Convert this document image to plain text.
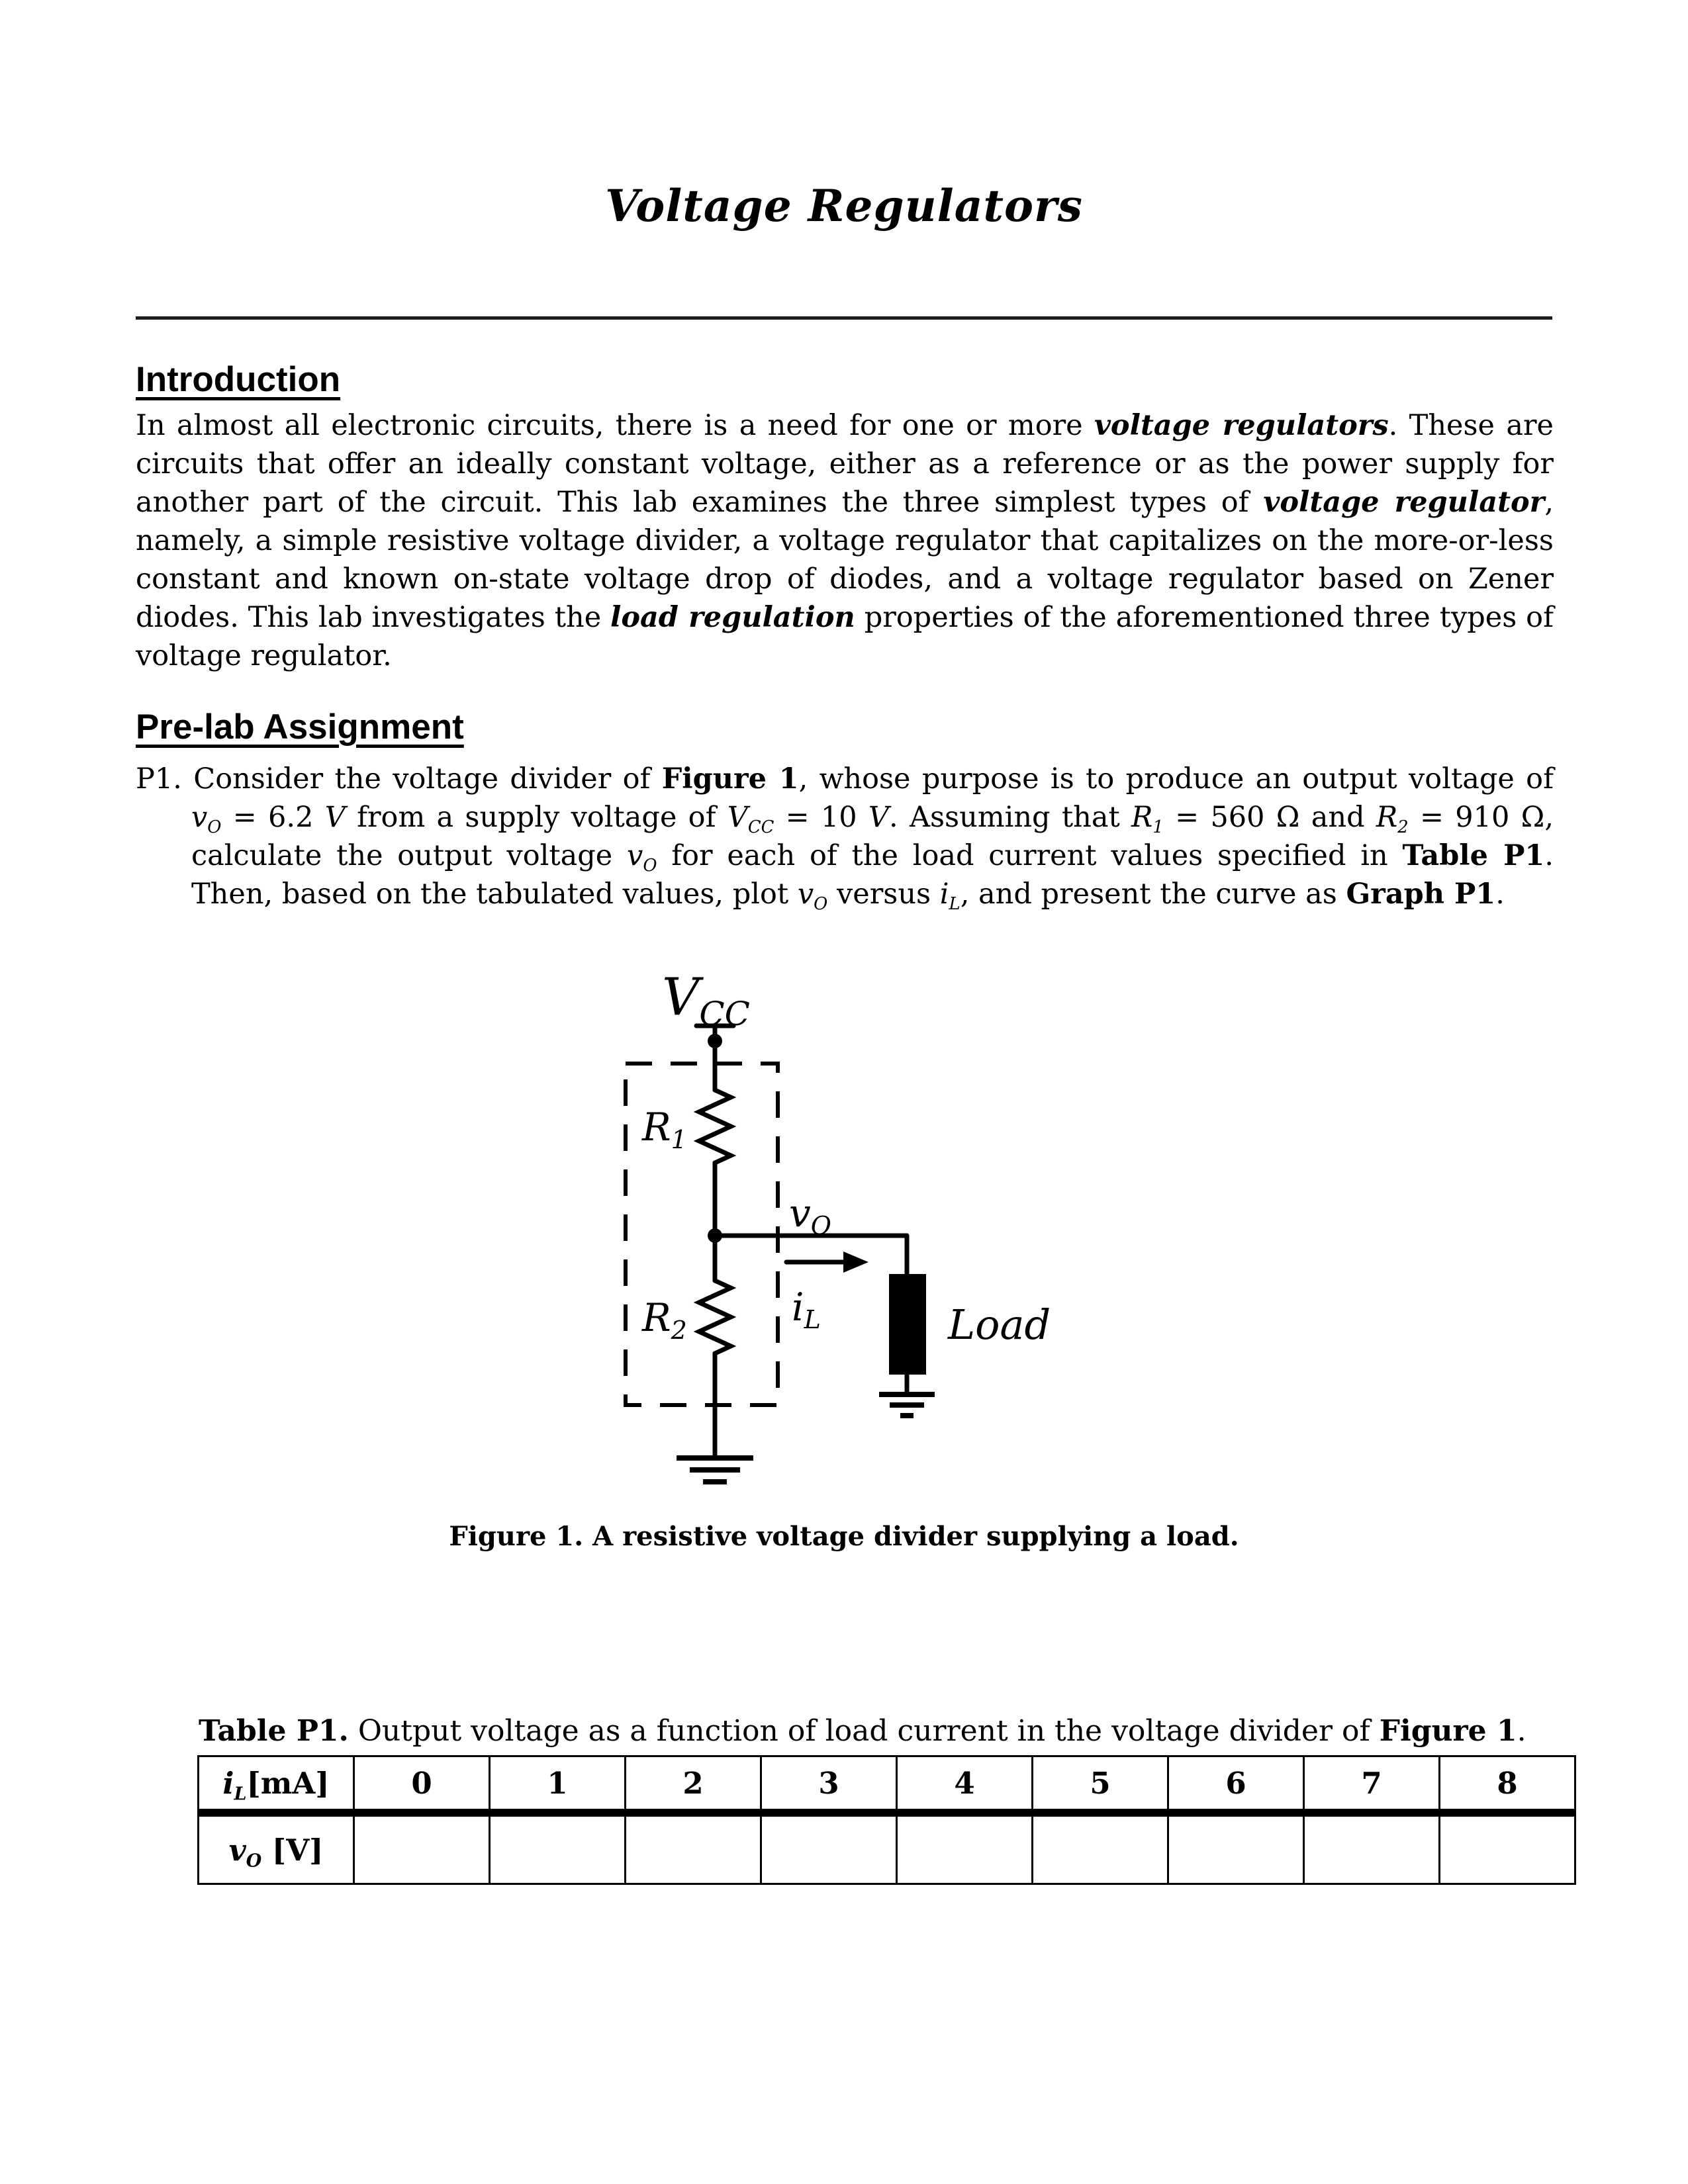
Voltage Regulators
Introduction
In almost all electronic circuits, there is a need for one or more voltage regulators. These are circuits that offer an ideally constant voltage, either as a reference or as the power supply for another part of the circuit. This lab examines the three simplest types of voltage regulator, namely, a simple resistive voltage divider, a voltage regulator that capitalizes on the more-or-less constant and known on-state voltage drop of diodes, and a voltage regulator based on Zener diodes. This lab investigates the load regulation properties of the aforementioned three types of voltage regulator.
Pre-lab Assignment
P1. Consider the voltage divider of Figure 1, whose purpose is to produce an output voltage of $v_O = 6.2$ V from a supply voltage of $V_{CC} = 10$ V. Assuming that $R_1 = 560$ Ω and $R_2 = 910$ Ω, calculate the output voltage $v_O$ for each of the load current values specified in Table P1. Then, based on the tabulated values, plot $v_O$ versus $i_L$, and present the curve as Graph P1.
$V_{CC}$
$R_1$
$R_2$
$v_O$
$i_L$	Load
Figure 1. A resistive voltage divider supplying a load.
Table P1. Output voltage as a function of load current in the voltage divider of Figure 1.
$i_L[mA]$	0	1	2	3	4	5	6	7	8
$v_O$ [V]									
